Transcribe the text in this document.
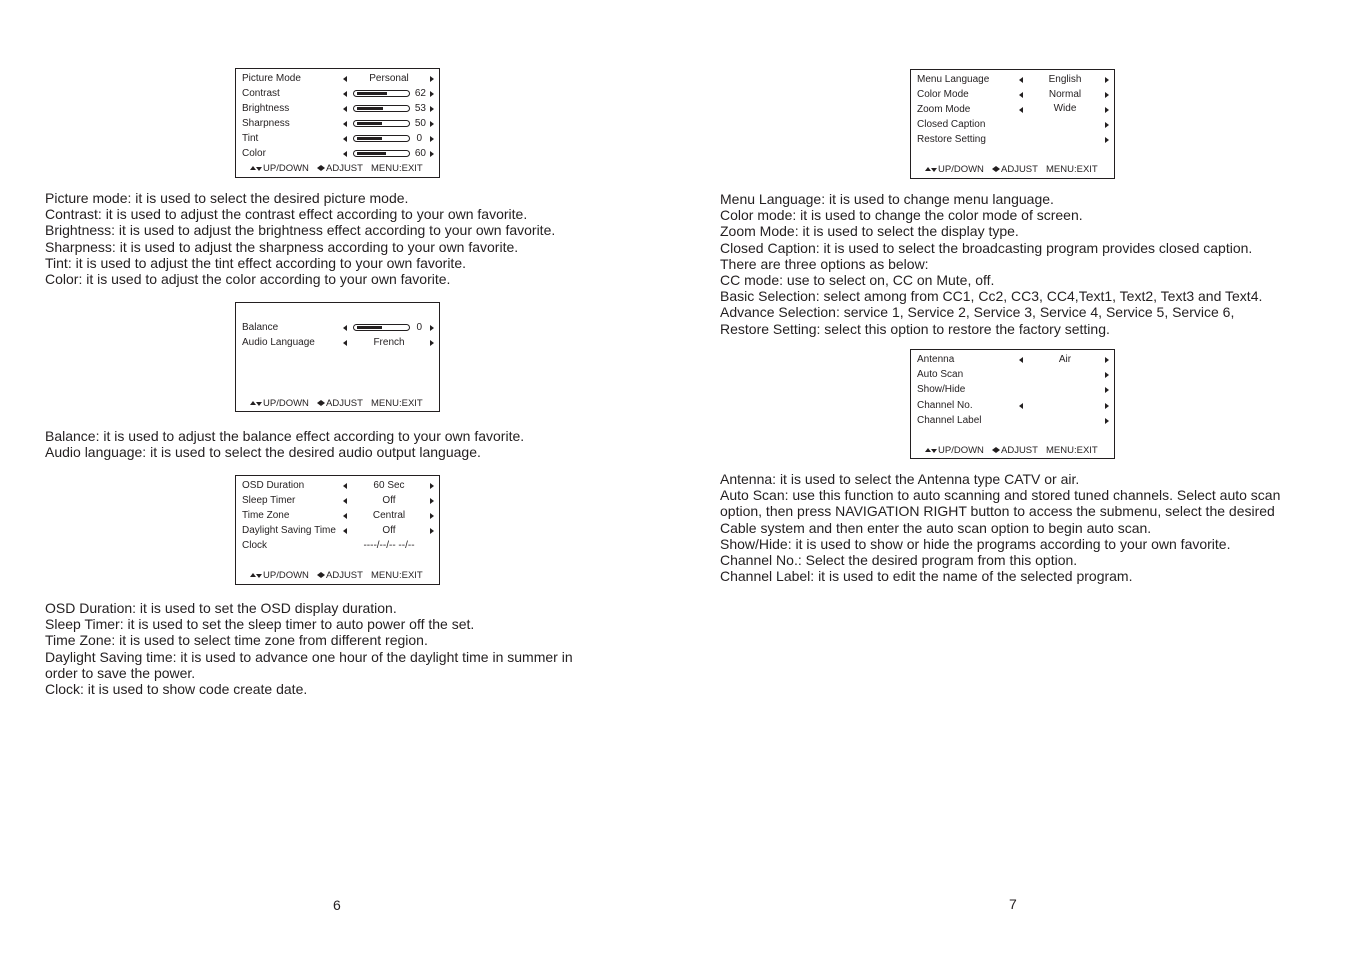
Picture Mode	Personal
Contrast	62
Brightness	53
Sharpness	50
Tint	0
Color	60
UP/DOWN	ADJUST MENU:EXIT
Picture mode: it is used to select the desired picture mode.
Contrast: it is used to adjust the contrast effect according to your own favorite.
Brightness: it is used to adjust the brightness effect according to your own favorite.
Sharpness: it is used to adjust the sharpness according to your own favorite.
Tint: it is used to adjust the tint effect according to your own favorite.
Color: it is used to adjust the color according to your own favorite.
Balance	0
Audio Language	French
UP/DOWN	ADJUST MENU:EXIT
Balance: it is used to adjust the balance effect according to your own favorite.
Audio language: it is used to select the desired audio output language.
OSD Duration	60 Sec
Sleep Timer	Off
Time Zone	Central
Daylight Saving Time	Off
Clock	----/--/-- --/--
UP/DOWN	ADJUST MENU:EXIT
OSD Duration: it is used to set the OSD display duration.
Sleep Timer: it is used to set the sleep timer to auto power off the set.
Time Zone: it is used to select time zone from different region.
Daylight Saving time: it is used to advance one hour of the daylight time in summer in
order to save the power.
Clock: it is used to show code create date.
6
Menu Language	English
Color Mode	Normal
Zoom Mode	Wide
Closed Caption
Restore Setting
UP/DOWN	ADJUST MENU:EXIT
Menu Language: it is used to change menu language.
Color mode: it is used to change the color mode of screen.
Zoom Mode: it is used to select the display type.
Closed Caption: it is used to select the broadcasting program provides closed caption.
There are three options as below:
CC mode: use to select on, CC on Mute, off.
Basic Selection: select among from CC1, Cc2, CC3, CC4,Text1, Text2, Text3 and Text4.
Advance Selection: service 1, Service 2, Service 3, Service 4, Service 5, Service 6,
Restore Setting: select this option to restore the factory setting.
Antenna	Air
Auto Scan
Show/Hide
Channel No.
Channel Label
UP/DOWN	ADJUST MENU:EXIT
Antenna: it is used to select the Antenna type CATV or air.
Auto Scan: use this function to auto scanning and stored tuned channels. Select auto scan
option, then press NAVIGATION RIGHT button to access the submenu, select the desired
Cable system and then enter the auto scan option to begin auto scan.
Show/Hide: it is used to show or hide the programs according to your own favorite.
Channel No.: Select the desired program from this option.
Channel Label: it is used to edit the name of the selected program.
7
